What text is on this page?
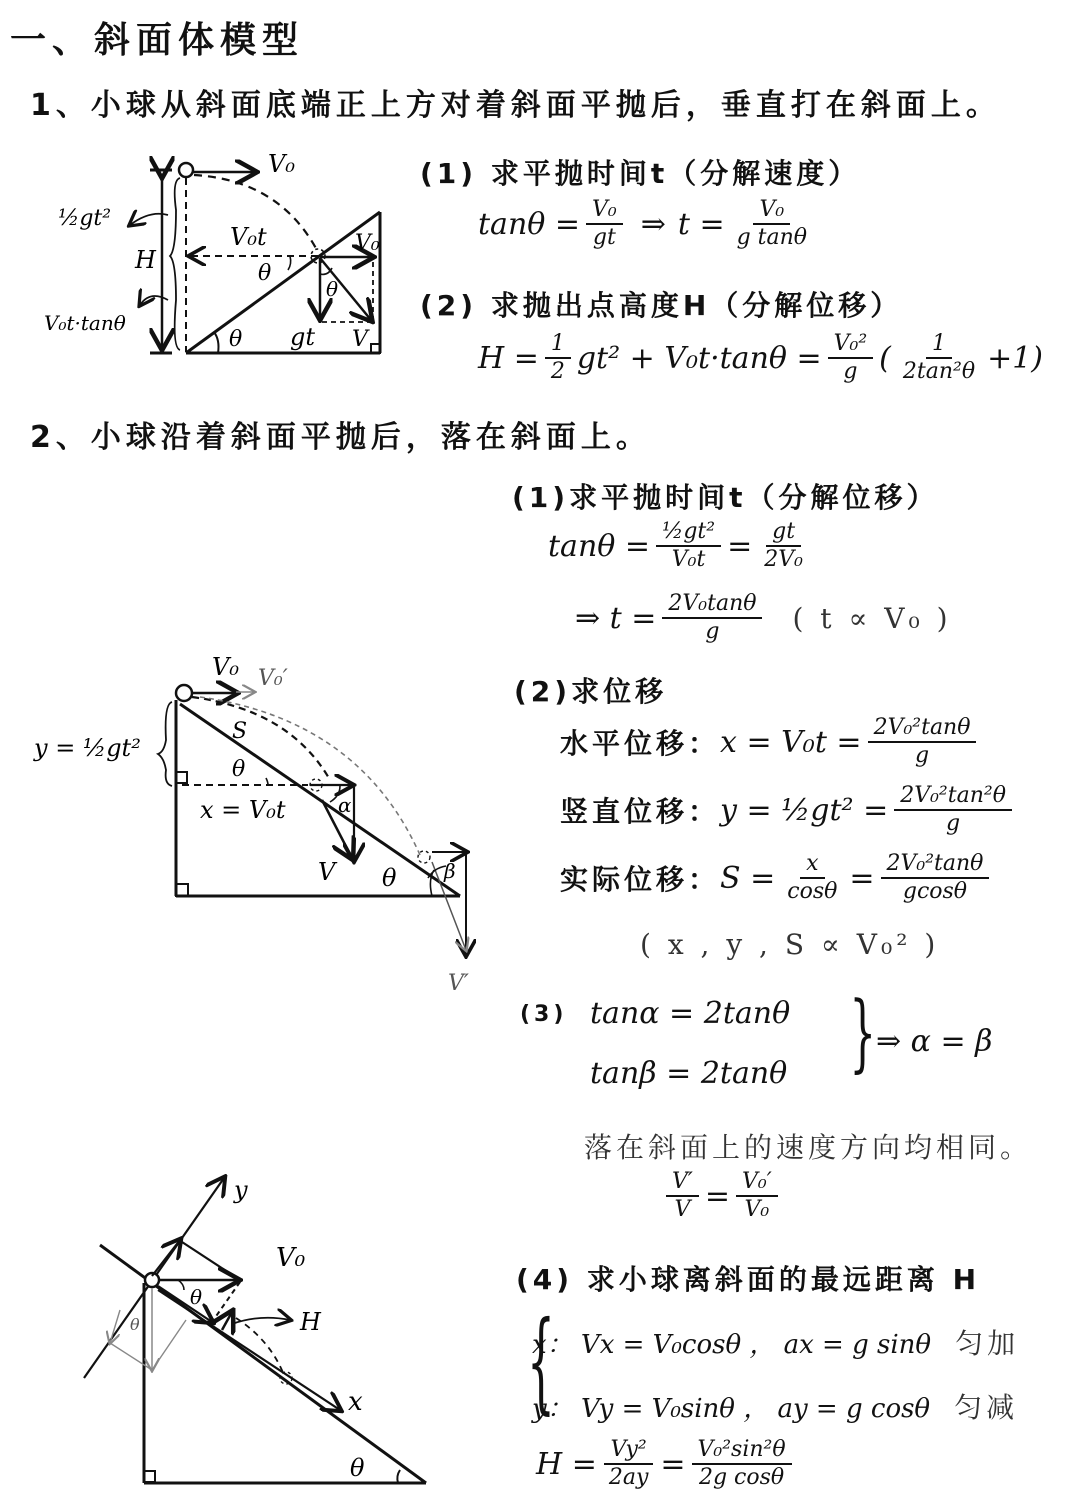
一、斜面体模型
1、小球从斜面底端正上方对着斜面平抛后，垂直打在斜面上。
V₀
½gt²
H
V₀t
V₀t·tanθ
θ
θ
θ
gt
V₀
V
(1) 求平抛时间t（分解速度）
$\tan\theta = \frac{\text{V₀}}{gt}$ ⇒ $t = \frac{\text{V₀}}{\text{g tanθ}}$
(2) 求抛出点高度H（分解位移）
$H = \frac{1}{2} gt^2 + V_0t\cdot\tan\theta = \frac{\text{V₀²}}{g}$ ( $\frac{1}{\text{2tan²θ}} +1$)
2、小球沿着斜面平抛后，落在斜面上。
(1)求平抛时间t（分解位移）
$\tan\theta = \frac{\text{½gt²}}{\text{V₀t}} = \frac{gt}{\text{2V₀}}$
⇒ $t = \frac{\text{2V₀tanθ}}{g}$ ( t ∝ V₀ )
V₀ V₀′
y = ½gt²
S
θ
x = V₀t	α
V θ β
V′
(2)求位移
水平位移： $x = V_0t = \frac{\text{2V₀²tanθ}}{g}$
竖直位移： y = ½gt² = $\frac{\text{2V₀²tan²θ}}{g}$
实际位移： $S = \frac{x}{\cos\theta} = \frac{\text{2V₀²tanθ}}{gcos\theta}$
( x , y , S ∝ V₀² )
(3) tanα = 2tanθ
tanβ = 2tanθ } ⇒ α = β
落在斜面上的速度方向均相同。
$\frac{V'}{V} = \frac{\text{V₀′}}{\text{V₀}}$
(4) 求小球离斜面的最远距离 H
{
x： Vx = V₀cosθ ， ax = g sinθ 匀加
y： Vy = V₀sinθ ， ay = g cosθ 匀减
$H = \frac{\text{Vy²}}{2ay} = \frac{\text{V₀²sin²θ}}{\text{2g cosθ}}$
y
V₀
θ
θ	H
x
θ
